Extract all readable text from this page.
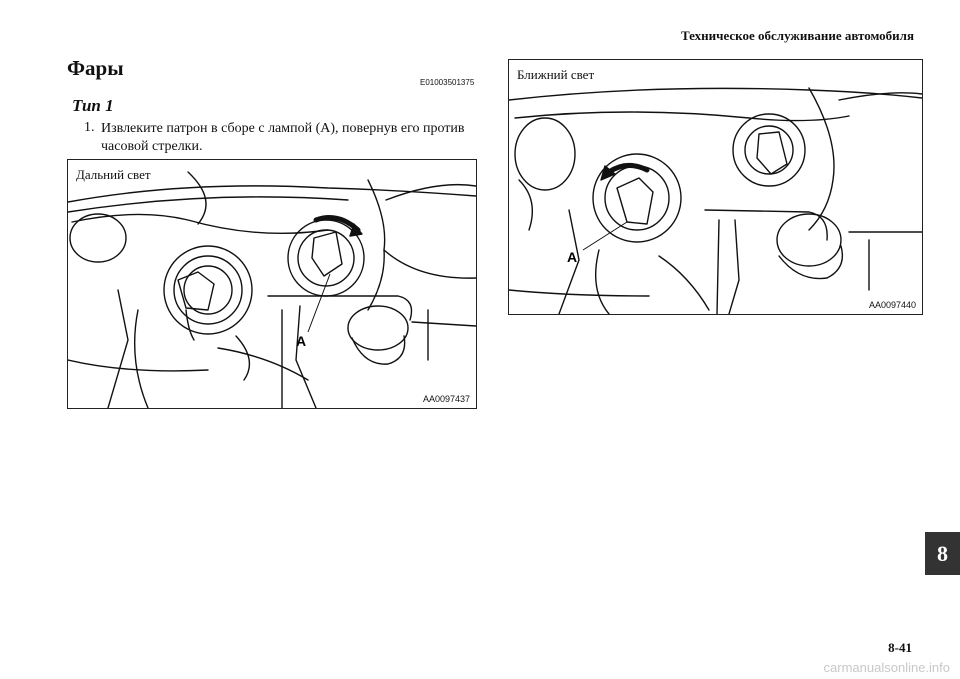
Техническое обслуживание автомобиля
Фары
E01003501375
Тип 1
1. Извлеките патрон в сборе с лампой (A), повернув его против часовой стрелки.
Дальний свет
A
AA0097437
Ближний свет
A
AA0097440
8
8-41
carmanualsonline.info
